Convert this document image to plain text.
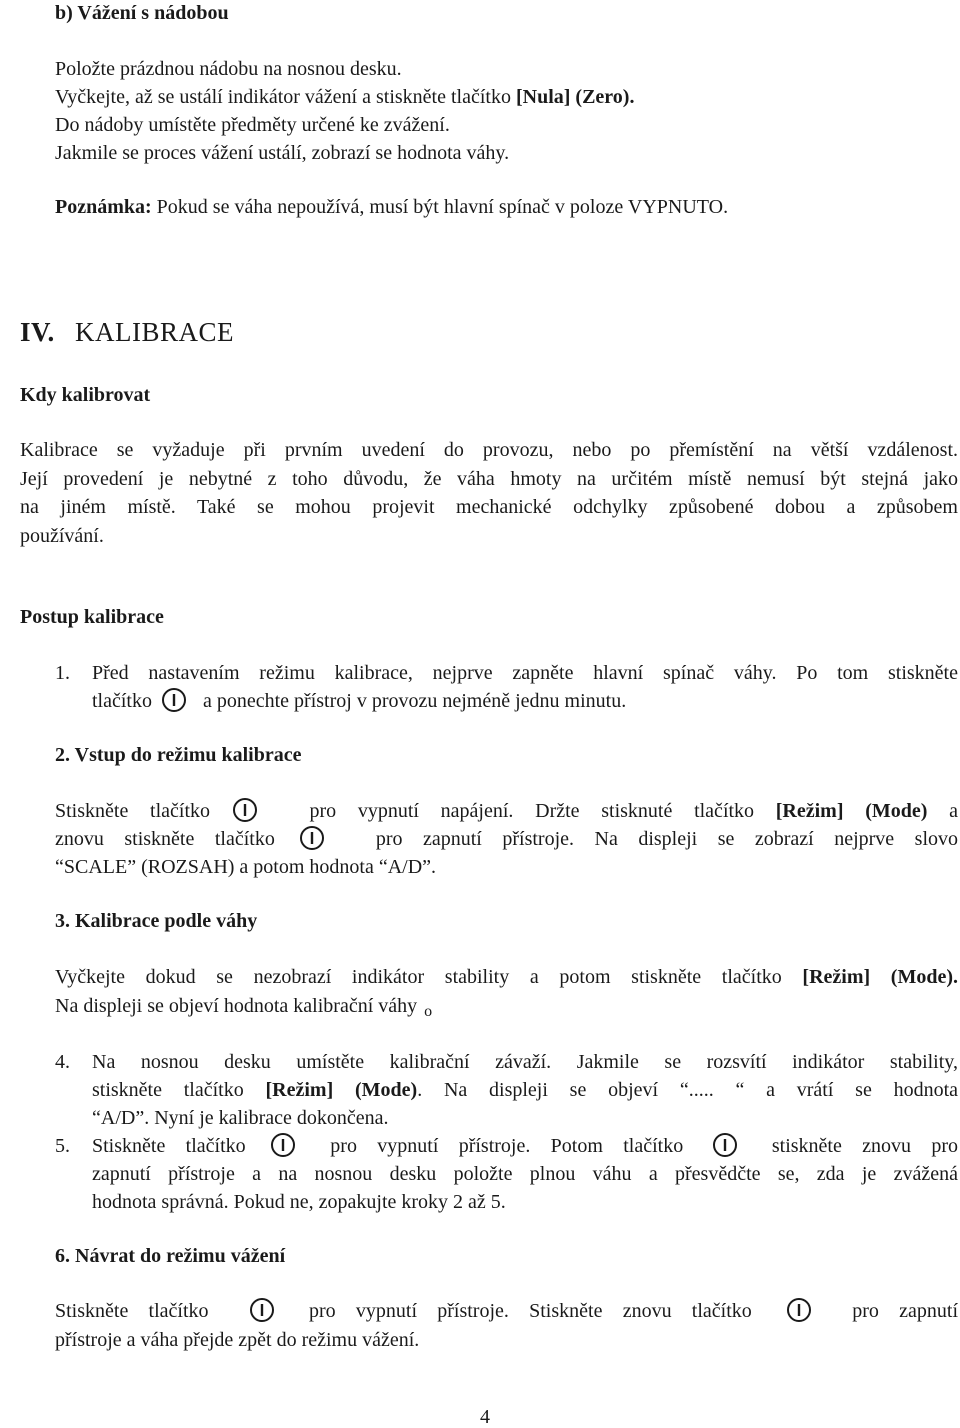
b) Vážení s nádobou
Položte prázdnou nádobu na nosnou desku.
Vyčkejte, až se ustálí indikátor vážení a stiskněte tlačítko [Nula] (Zero).
Do nádoby umístěte předměty určené ke zvážení.
Jakmile se proces vážení ustálí, zobrazí se hodnota váhy.
Poznámka: Pokud se váha nepoužívá, musí být hlavní spínač v poloze VYPNUTO.
IV. KALIBRACE
Kdy kalibrovat
Kalibrace se vyžaduje při prvním uvedení do provozu, nebo po přemístění na větší vzdálenost.
Její provedení je nebytné z toho důvodu, že váha hmoty na určitém místě nemusí být stejná jako
na jiném místě. Také se mohou projevit mechanické odchylky způsobené dobou a způsobem
používání.
Postup kalibrace
1. Před nastavením režimu kalibrace, nejprve zapněte hlavní spínač váhy. Po tom stiskněte
tlačítko	a ponechte přístroj v provozu nejméně jednu minutu.
2. Vstup do režimu kalibrace
Stiskněte tlačítko	pro vypnutí napájení. Držte stisknuté tlačítko [Režim] (Mode) a
znovu stiskněte tlačítko	pro zapnutí přístroje. Na displeji se zobrazí nejprve slovo
“SCALE” (ROZSAH) a potom hodnota “A/D”.
3. Kalibrace podle váhy
Vyčkejte dokud se nezobrazí indikátor stability a potom stiskněte tlačítko [Režim] (Mode).
Na displeji se objeví hodnota kalibrační váhy $_o$
4. Na nosnou desku umístěte kalibrační závaží. Jakmile se rozsvítí indikátor stability,
stiskněte tlačítko [Režim] (Mode). Na displeji se objeví “..... “ a vrátí se hodnota
“A/D”. Nyní je kalibrace dokončena.
5. Stiskněte tlačítko	pro vypnutí přístroje. Potom tlačítko	stiskněte znovu pro
zapnutí přístroje a na nosnou desku položte plnou váhu a přesvědčte se, zda je zvážená
hodnota správná. Pokud ne, zopakujte kroky 2 až 5.
6. Návrat do režimu vážení
Stiskněte tlačítko	pro vypnutí přístroje. Stiskněte znovu tlačítko	pro zapnutí
přístroje a váha přejde zpět do režimu vážení.
4
